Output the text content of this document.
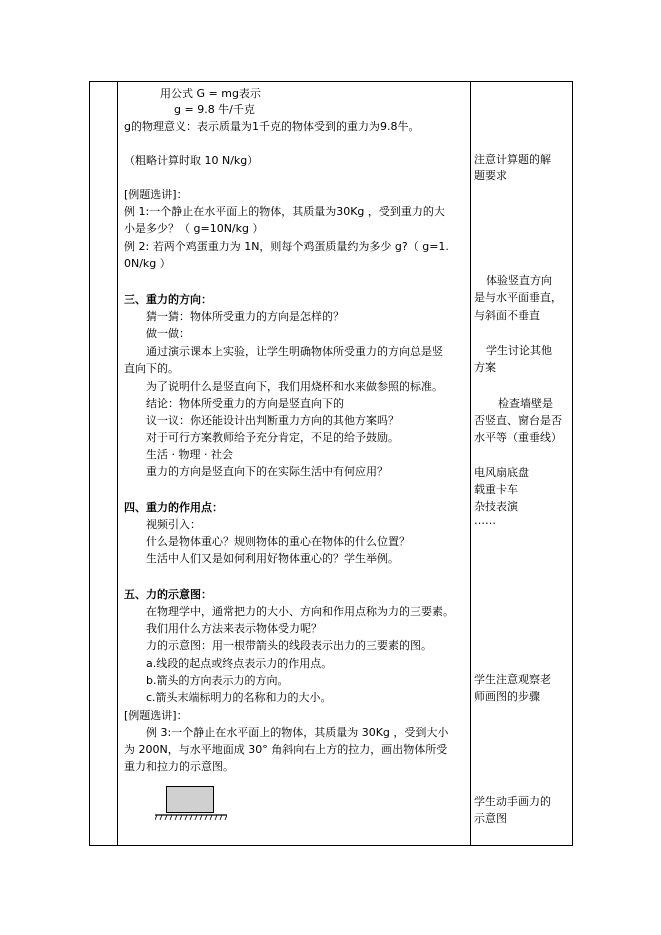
用公式 G = mg表示
g = 9.8 牛/千克
g的物理意义：表示质量为1千克的物体受到的重力为9.8牛。
（粗略计算时取 10 N/kg）
[例题选讲]：
例 1:一个静止在水平面上的物体，其质量为30Kg ，受到重力的大
小是多少？（ g=10N/kg ）
例 2: 若两个鸡蛋重力为 1N，则每个鸡蛋质量约为多少 g?（ g=1.
0N/kg ）
三、重力的方向：
猜一猜：物体所受重力的方向是怎样的？
做一做：
通过演示课本上实验，让学生明确物体所受重力的方向总是竖
直向下的。
为了说明什么是竖直向下，我们用烧杯和水来做参照的标准。
结论：物体所受重力的方向是竖直向下的
议一议：你还能设计出判断重力方向的其他方案吗？
对于可行方案教师给予充分肯定，不足的给予鼓励。
生活 · 物理 · 社会
重力的方向是竖直向下的在实际生活中有何应用？
四、重力的作用点：
视频引入：
什么是物体重心？规则物体的重心在物体的什么位置？
生活中人们又是如何利用好物体重心的？学生举例。
五、力的示意图：
在物理学中，通常把力的大小、方向和作用点称为力的三要素。
我们用什么方法来表示物体受力呢？
力的示意图：用一根带箭头的线段表示出力的三要素的图。
a.线段的起点或终点表示力的作用点。
b.箭头的方向表示力的方向。
c.箭头末端标明力的名称和力的大小。
[例题选讲]：
例 3:一个静止在水平面上的物体，其质量为 30Kg ，受到大小
为 200N，与水平地面成 30° 角斜向右上方的拉力，画出物体所受
重力和拉力的示意图。
注意计算题的解
题要求
体验竖直方向
是与水平面垂直，
与斜面不垂直
学生讨论其他
方案
检查墙壁是
否竖直、窗台是否
水平等（重垂线）
电风扇底盘
载重卡车
杂技表演
……
学生注意观察老
师画图的步骤
学生动手画力的
示意图
